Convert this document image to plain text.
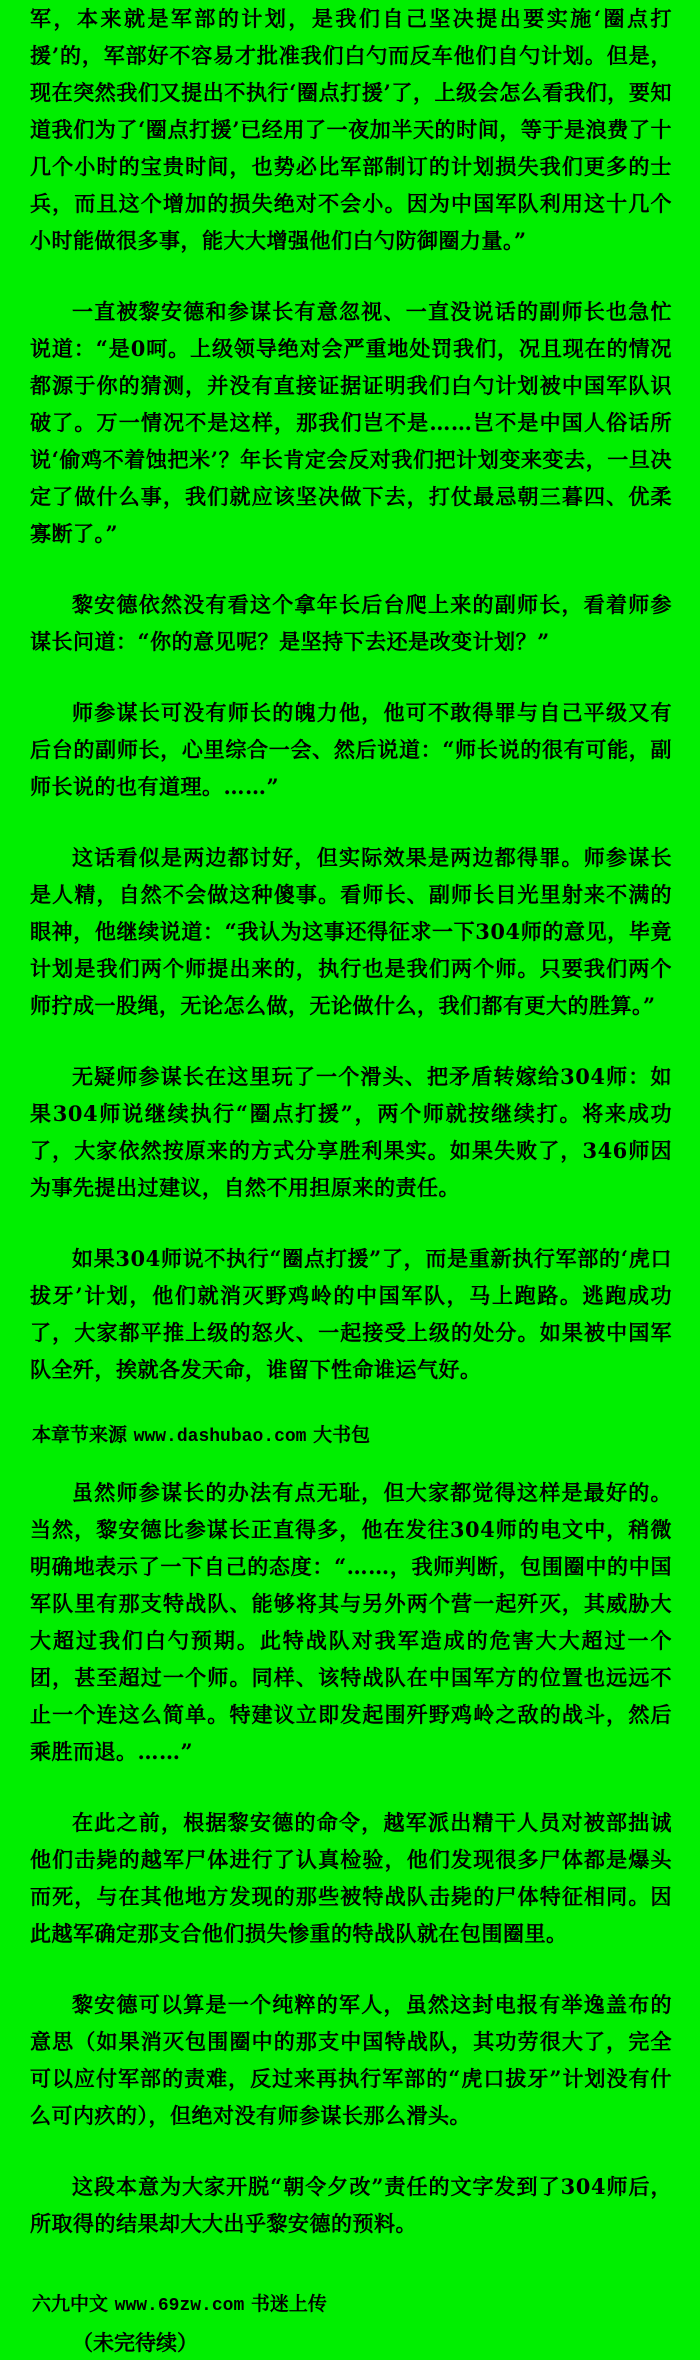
军，本来就是军部的计划，是我们自己坚决提出要实施‘圈点打援’的，军部好不容易才批准我们白勺而反车他们自勺计划。但是，现在突然我们又提出不执行‘圈点打援’了，上级会怎么看我们，要知道我们为了‘圈点打援’已经用了一夜加半天的时间，等于是浪费了十几个小时的宝贵时间，也势必比军部制订的计划损失我们更多的士兵，而且这个增加的损失绝对不会小。因为中国军队利用这十几个小时能做很多事，能大大增强他们白勺防御圈力量。”

一直被黎安德和参谋长有意忽视、一直没说话的副师长也急忙说道：“是0呵。上级领导绝对会严重地处罚我们，况且现在的情况都源于你的猜测，并没有直接证据证明我们白勺计划被中国军队识破了。万一情况不是这样，那我们岂不是……岂不是中国人俗话所说‘偷鸡不着蚀把米’？年长肯定会反对我们把计划变来变去，一旦决定了做什么事，我们就应该坚决做下去，打仗最忌朝三暮四、优柔寡断了。”

黎安德依然没有看这个拿年长后台爬上来的副师长，看着师参谋长问道：“你的意见呢？是坚持下去还是改变计划？”

师参谋长可没有师长的魄力他，他可不敢得罪与自己平级又有后台的副师长，心里综合一会、然后说道：“师长说的很有可能，副师长说的也有道理。……”

这话看似是两边都讨好，但实际效果是两边都得罪。师参谋长是人精，自然不会做这种傻事。看师长、副师长目光里射来不满的眼神，他继续说道：“我认为这事还得征求一下304师的意见，毕竟计划是我们两个师提出来的，执行也是我们两个师。只要我们两个师拧成一股绳，无论怎么做，无论做什么，我们都有更大的胜算。”

无疑师参谋长在这里玩了一个滑头、把矛盾转嫁给304师：如果304师说继续执行“圈点打援”，两个师就按继续打。将来成功了，大家依然按原来的方式分享胜利果实。如果失败了，346师因为事先提出过建议，自然不用担原来的责任。

如果304师说不执行“圈点打援”了，而是重新执行军部的‘虎口拔牙’计划，他们就消灭野鸡岭的中国军队，马上跑路。逃跑成功了，大家都平推上级的怒火、一起接受上级的处分。如果被中国军队全歼，挨就各发天命，谁留下性命谁运气好。

本章节来源 www.dashubao.com 大书包

虽然师参谋长的办法有点无耻，但大家都觉得这样是最好的。当然，黎安德比参谋长正直得多，他在发往304师的电文中，稍微明确地表示了一下自己的态度：“……，我师判断，包围圈中的中国军队里有那支特战队、能够将其与另外两个营一起歼灭，其威胁大大超过我们白勺预期。此特战队对我军造成的危害大大超过一个团，甚至超过一个师。同样、该特战队在中国军方的位置也远远不止一个连这么简单。特建议立即发起围歼野鸡岭之敌的战斗，然后乘胜而退。……”

在此之前，根据黎安德的命令，越军派出精干人员对被部拙诚他们击毙的越军尸体进行了认真检验，他们发现很多尸体都是爆头而死，与在其他地方发现的那些被特战队击毙的尸体特征相同。因此越军确定那支合他们损失惨重的特战队就在包围圈里。

黎安德可以算是一个纯粹的军人，虽然这封电报有举逸盖布的意思（如果消灭包围圈中的那支中国特战队，其功劳很大了，完全可以应付军部的责难，反过来再执行军部的“虎口拔牙”计划没有什么可内疚的），但绝对没有师参谋长那么滑头。

这段本意为大家开脱“朝令夕改”责任的文字发到了304师后，所取得的结果却大大出乎黎安德的预料。

六九中文 www.69zw.com 书迷上传

（未完待续）
